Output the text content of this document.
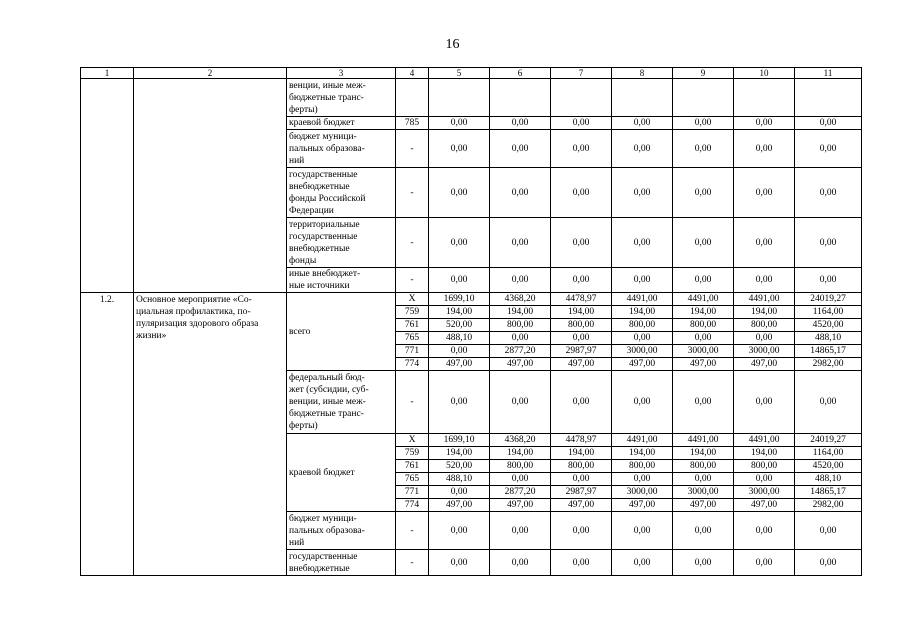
16
1	2	3	4	5	6	7	8	9	10	11
		венции, иные меж-
бюджетные транс-
ферты)								
		краевой бюджет	785	0,00	0,00	0,00	0,00	0,00	0,00	0,00
		бюджет муници-
пальных образова-
ний	-	0,00	0,00	0,00	0,00	0,00	0,00	0,00
		государственные
внебюджетные
фонды Российской
Федерации	-	0,00	0,00	0,00	0,00	0,00	0,00	0,00
		территориальные
государственные
внебюджетные
фонды	-	0,00	0,00	0,00	0,00	0,00	0,00	0,00
		иные внебюджет-
ные источники	-	0,00	0,00	0,00	0,00	0,00	0,00	0,00
1.2.	Основное мероприятие «Со-
циальная профилактика, по-
пуляризация здорового образа
жизни»	всего	Х	1699,10	4368,20	4478,97	4491,00	4491,00	4491,00	24019,27
			759	194,00	194,00	194,00	194,00	194,00	194,00	1164,00
			761	520,00	800,00	800,00	800,00	800,00	800,00	4520,00
			765	488,10	0,00	0,00	0,00	0,00	0,00	488,10
			771	0,00	2877,20	2987,97	3000,00	3000,00	3000,00	14865,17
			774	497,00	497,00	497,00	497,00	497,00	497,00	2982,00
		федеральный бюд-
жет (субсидии, суб-
венции, иные меж-
бюджетные транс-
ферты)	-	0,00	0,00	0,00	0,00	0,00	0,00	0,00
		краевой бюджет	Х	1699,10	4368,20	4478,97	4491,00	4491,00	4491,00	24019,27
			759	194,00	194,00	194,00	194,00	194,00	194,00	1164,00
			761	520,00	800,00	800,00	800,00	800,00	800,00	4520,00
			765	488,10	0,00	0,00	0,00	0,00	0,00	488,10
			771	0,00	2877,20	2987,97	3000,00	3000,00	3000,00	14865,17
			774	497,00	497,00	497,00	497,00	497,00	497,00	2982,00
		бюджет муници-
пальных образова-
ний	-	0,00	0,00	0,00	0,00	0,00	0,00	0,00
		государственные
внебюджетные	-	0,00	0,00	0,00	0,00	0,00	0,00	0,00
